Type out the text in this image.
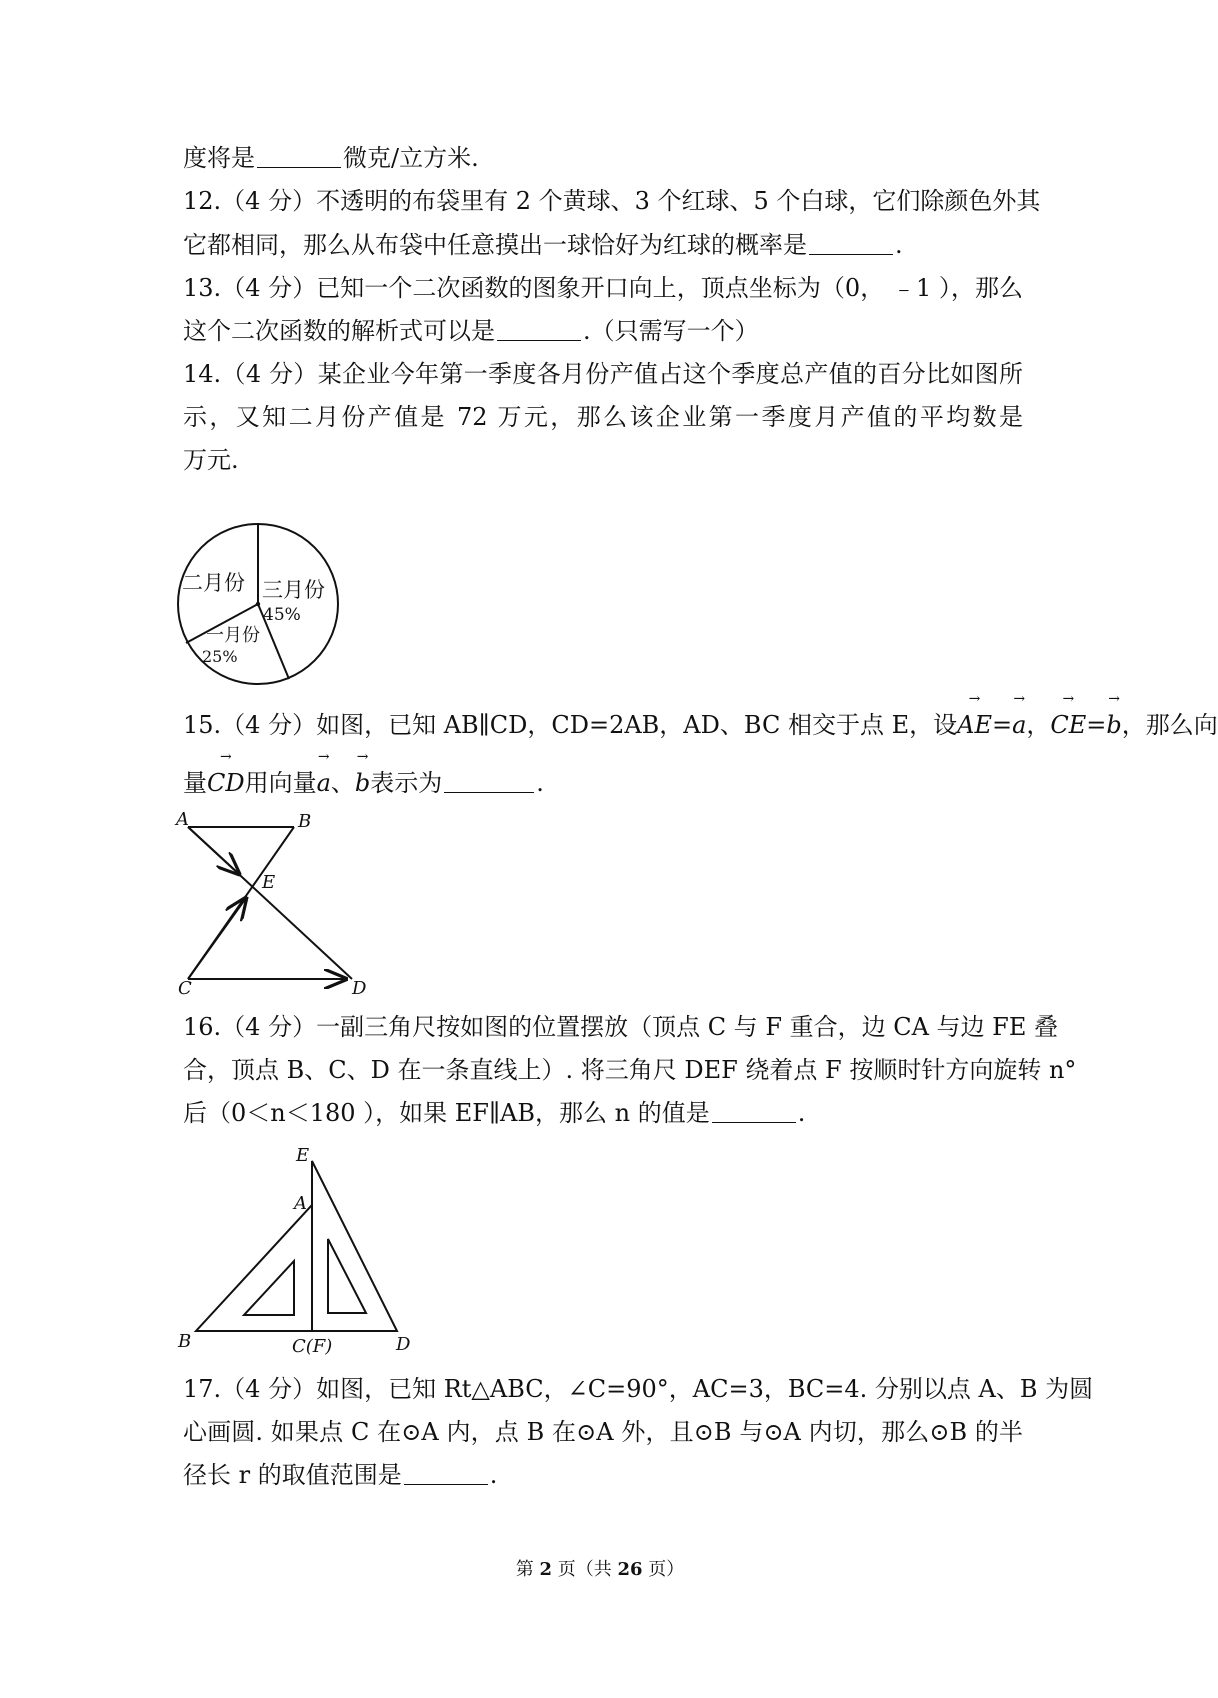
度将是	微克/立方米.
12.（4 分）不透明的布袋里有 2 个黄球、3 个红球、5 个白球，它们除颜色外其
它都相同，那么从布袋中任意摸出一球恰好为红球的概率是	.
13.（4 分）已知一个二次函数的图象开口向上，顶点坐标为（0， ﹣1 ），那么
这个二次函数的解析式可以是	.（只需写一个）
14.（4 分）某企业今年第一季度各月份产值占这个季度总产值的百分比如图所
示，又知二月份产值是 72 万元，那么该企业第一季度月产值的平均数是
万元.
二月份 三月份
45%
一月份
25%
15.（4 分）如图，已知 AB∥CD，CD=2AB，AD、BC 相交于点 E，设
→
AE=
→
a，
→
CE=
→
b，那么向
量
→
CD用向量
→
a、
→
b表示为	.
A	B
E
C	D
16.（4 分）一副三角尺按如图的位置摆放（顶点 C 与 F 重合，边 CA 与边 FE 叠
合，顶点 B、C、D 在一条直线上）. 将三角尺 DEF 绕着点 F 按顺时针方向旋转 n°
后（0＜n＜180 ），如果 EF∥AB，那么 n 的值是	.
E
A
B	C(F)	D
17.（4 分）如图，已知 Rt△ABC，∠C=90°，AC=3，BC=4. 分别以点 A、B 为圆
心画圆. 如果点 C 在⊙A 内，点 B 在⊙A 外，且⊙B 与⊙A 内切，那么⊙B 的半
径长 r 的取值范围是	.
第 2 页（共 26 页）
